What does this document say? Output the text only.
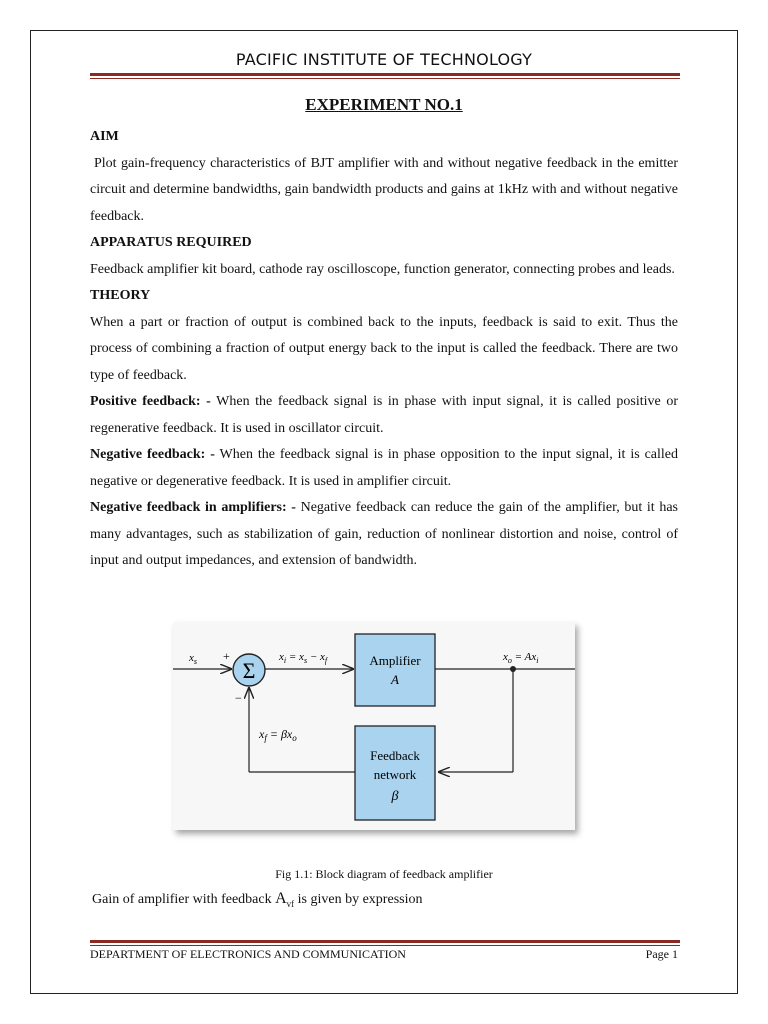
PACIFIC INSTITUTE OF TECHNOLOGY
EXPERIMENT NO.1

AIM

Plot gain-frequency characteristics of BJT amplifier with and without negative feedback in the emitter circuit and determine bandwidths, gain bandwidth products and gains at 1kHz with and without negative feedback.

APPARATUS REQUIRED

Feedback amplifier kit board, cathode ray oscilloscope, function generator, connecting probes and leads.

THEORY

When a part or fraction of output is combined back to the inputs, feedback is said to exit. Thus the process of combining a fraction of output energy back to the input is called the feedback. There are two type of feedback.

Positive feedback: - When the feedback signal is in phase with input signal, it is called positive or regenerative feedback. It is used in oscillator circuit.

Negative feedback: - When the feedback signal is in phase opposition to the input signal, it is called negative or degenerative feedback. It is used in amplifier circuit.

Negative feedback in amplifiers: - Negative feedback can reduce the gain of the amplifier, but it has many advantages, such as stabilization of gain, reduction of nonlinear distortion and noise, control of input and output impedances, and extension of bandwidth.

Σ
+
−
Amplifier
A
Feedback
network
β
$x_s$	$x_i = x_s - x_f$	$x_o = Ax_i$
$x_f = \beta x_o$
Fig 1.1: Block diagram of feedback amplifier
Gain of amplifier with feedback $A_{vf}$ is given by expression
DEPARTMENT OF ELECTRONICS AND COMMUNICATION	Page 1
